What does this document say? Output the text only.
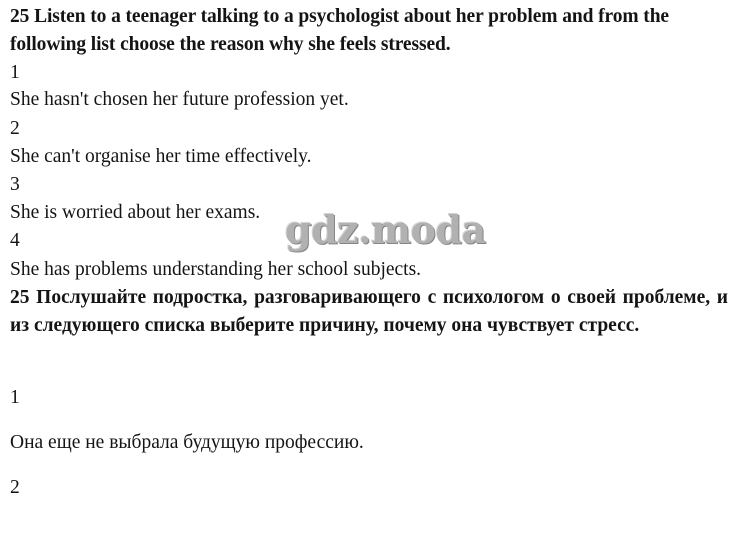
25 Listen to a teenager talking to a psychologist about her problem and from the following list choose the reason why she feels stressed.
1
She hasn't chosen her future profession yet.
2
She can't organise her time effectively.
3
She is worried about her exams.
4
She has problems understanding her school subjects.
25 Послушайте подростка, разговаривающего с психологом о своей проблеме, и из следующего списка выберите причину, почему она чувствует стресс.
1
Она еще не выбрала будущую профессию.
2
gdz.moda
